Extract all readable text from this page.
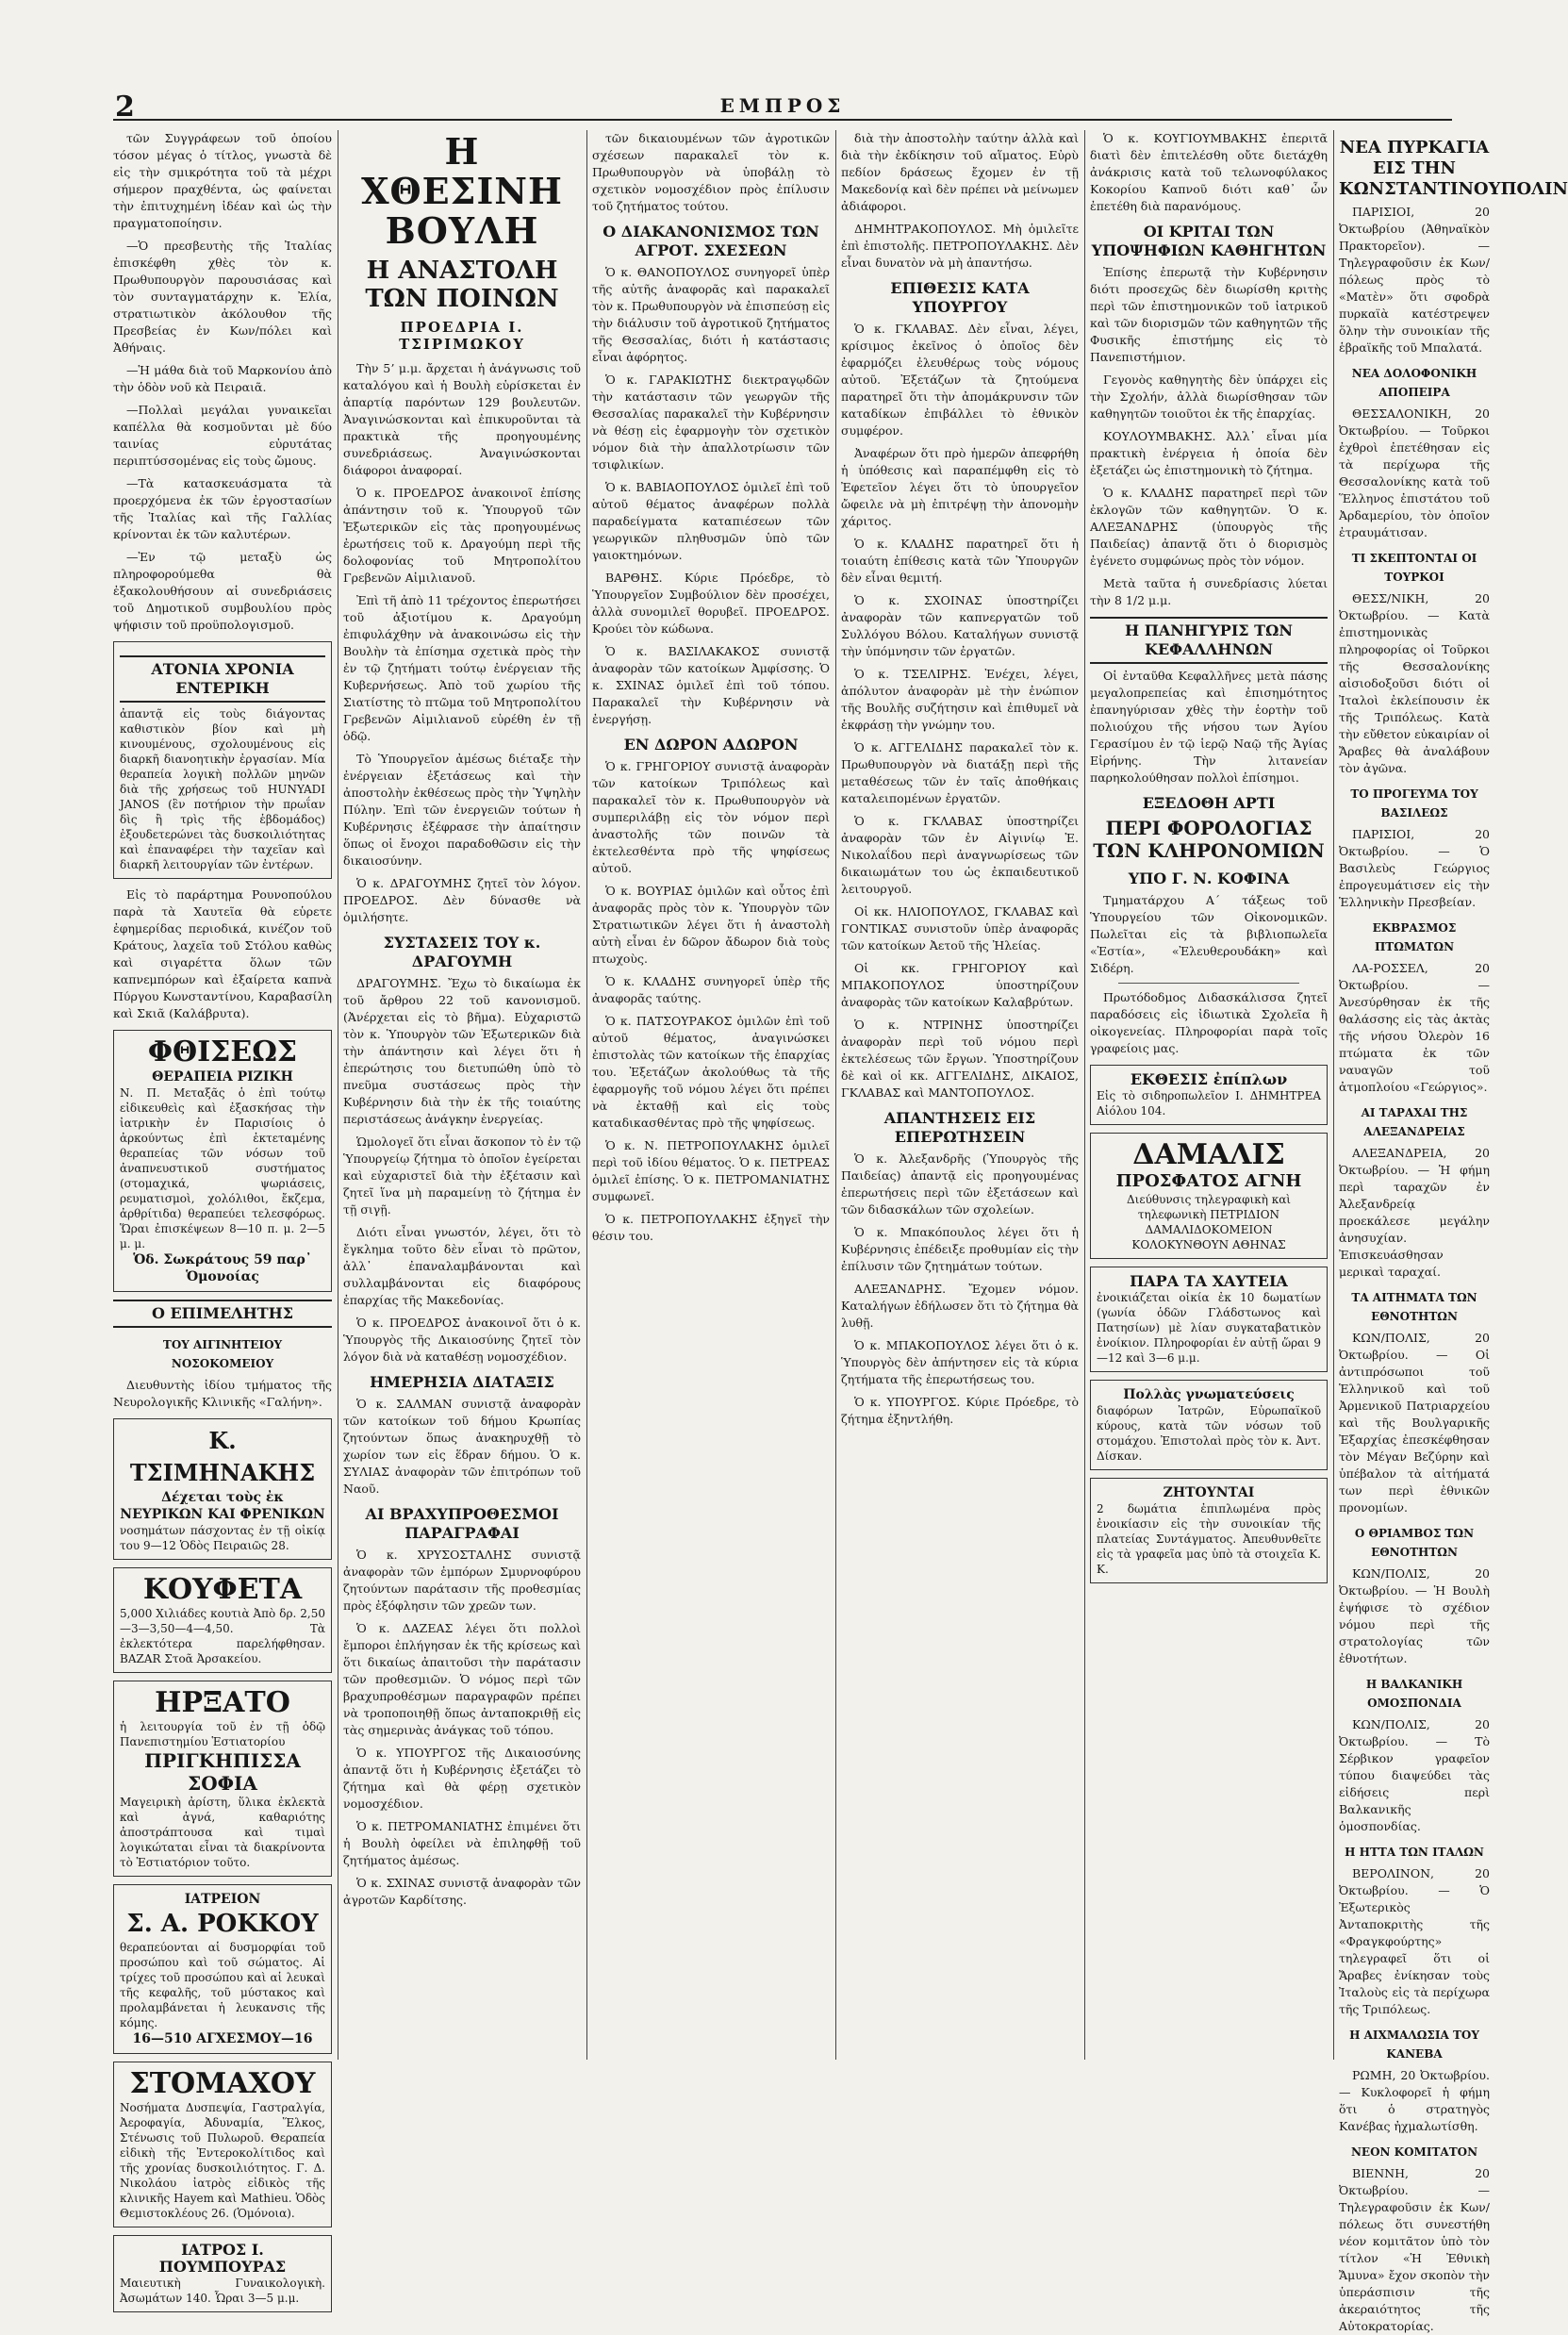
2	ΕΜΠΡΟΣ

τῶν Συγγράφεων τοῦ ὁποίου τόσον μέγας ὁ τίτλος, γνωστὰ δὲ εἰς τὴν σμικρότητα τοῦ τὰ μέχρι σήμερον πραχθέντα, ὡς φαίνεται τὴν ἐπιτυχημένη ἰδέαν καὶ ὡς τὴν πραγματοποίησιν.

—Ὁ πρεσβευτὴς τῆς Ἰταλίας ἐπισκέφθη χθὲς τὸν κ. Πρωθυπουργὸν παρουσιάσας καὶ τὸν συνταγματάρχην κ. Ἐλία, στρατιωτικὸν ἀκόλουθον τῆς Πρεσβείας ἐν Κων/πόλει καὶ Ἀθήναις.

—Ἡ μάθα διὰ τοῦ Μαρκονίου ἀπὸ τὴν ὁδὸν νοῦ κὰ Πειραιᾶ.

—Πολλαὶ μεγάλαι γυναικεῖαι καπέλλα θὰ κοσμοῦνται μὲ δύο ταινίας εὐρυτάτας περιπτύσσομένας εἰς τοὺς ὤμους.

—Τὰ κατασκευάσματα τὰ προερχόμενα ἐκ τῶν ἐργοστασίων τῆς Ἰταλίας καὶ τῆς Γαλλίας κρίνονται ἐκ τῶν καλυτέρων.

—Ἐν τῷ μεταξὺ ὡς πληροφορούμεθα θὰ ἐξακολουθήσουν αἱ συνεδριάσεις τοῦ Δημοτικοῦ συμβουλίου πρὸς ψήφισιν τοῦ προϋπολογισμοῦ.

ΑΤΟΝΙΑ ΧΡΟΝΙΑ ΕΝΤΕΡΙΚΗ
ἀπαντᾷ εἰς τοὺς διάγοντας καθιστικὸν βίον καὶ μὴ κινουμένους, σχολουμένους εἰς διαρκῆ διανοητικὴν ἐργασίαν. Μία θεραπεία λογικὴ πολλῶν μηνῶν διὰ τῆς χρήσεως τοῦ HUNYADI JANOS (ἓν ποτήριον τὴν πρωΐαν δὶς ἢ τρὶς τῆς ἑβδομάδος) ἐξουδετερώνει τὰς δυσκοιλιότητας καὶ ἐπαναφέρει τὴν ταχεῖαν καὶ διαρκῆ λειτουργίαν τῶν ἐντέρων.

Εἰς τὸ παράρτημα Ρουνοπούλου παρὰ τὰ Χαυτεῖα θὰ εὑρετε ἐφημερίδας περιοδικά, κινέζον τοῦ Κράτους, λαχεῖα τοῦ Στόλου καθὼς καὶ σιγαρέττα ὅλων τῶν καπνεμπόρων καὶ ἐξαίρετα καπνὰ Πύργου Κωνσταντίνου, Καραβασίλη καὶ Σκιᾶ (Καλάβρυτα).

ΦΘΙΣΕΩΣ
ΘΕΡΑΠΕΙΑ ΡΙΖΙΚΗ
Ν. Π. Μεταξᾶς ὁ ἐπὶ τούτῳ εἰδικευθεὶς καὶ ἐξασκήσας τὴν ἰατρικὴν ἐν Παρισίοις ὁ ἀρκούντως ἐπὶ ἐκτεταμένης θεραπείας τῶν νόσων τοῦ ἀναπνευστικοῦ συστήματος (στομαχικά, ψωριάσεις, ρευματισμοὶ, χολόλιθοι, ἔκζεμα, ἀρθρίτιδα) θεραπεύει τελεσφόρως. Ὥραι ἐπισκέψεων 8—10 π. μ. 2—5 μ. μ.
Ὁδ. Σωκράτους 59 παρ᾽ Ὁμονοίας
Ο ΕΠΙΜΕΛΗΤΗΣ
ΤΟΥ ΑΙΓΙΝΗΤΕΙΟΥ ΝΟΣΟΚΟΜΕΙΟΥ

Διευθυντὴς ἰδίου τμήματος τῆς Νευρολογικῆς Κλινικῆς «Γαλήνη».

Κ. ΤΣΙΜΗΝΑΚΗΣ
Δέχεται τοὺς ἐκ ΝΕΥΡΙΚΩΝ ΚΑΙ ΦΡΕΝΙΚΩΝ
νοσημάτων πάσχοντας ἐν τῇ οἰκίᾳ του 9—12 Ὁδὸς Πειραιῶς 28.
ΚΟΥΦΕΤΑ
5,000 Χιλιάδες κουτιὰ Ἀπὸ δρ. 2,50—3—3,50—4—4,50. Τὰ ἐκλεκτότερα παρελήφθησαν. BAZAR Στοᾶ Ἀρσακείου.
ΗΡΞΑΤΟ
ἡ λειτουργία τοῦ ἐν τῇ ὁδῷ Πανεπιστημίου Ἑστιατορίου
ΠΡΙΓΚΗΠΙΣΣΑ ΣΟΦΙΑ
Μαγειρικὴ ἀρίστη, ὕλικα ἐκλεκτὰ καὶ ἁγνά, καθαριότης ἀποστράπτουσα καὶ τιμαὶ λογικώταται εἶναι τὰ διακρίνοντα τὸ Ἑστιατόριον τοῦτο.
ΙΑΤΡΕΙΟΝ
Σ. Α. ΡΟΚΚΟΥ
θεραπεύονται αἱ δυσμορφίαι τοῦ προσώπου καὶ τοῦ σώματος. Αἱ τρίχες τοῦ προσώπου καὶ αἱ λευκαὶ τῆς κεφαλῆς, τοῦ μύστακος καὶ προλαμβάνεται ἡ λευκανσις τῆς κόμης.
16—510 ΑΓΧΕΣΜΟΥ—16
ΣΤΟΜΑΧΟΥ
Νοσήματα Δυσπεψία, Γαστραλγία, Ἀεροφαγία, Ἀδυναμία, Ἕλκος, Στένωσις τοῦ Πυλωροῦ. Θεραπεία εἰδικὴ τῆς Ἐντεροκολίτιδος καὶ τῆς χρονίας δυσκοιλιότητος. Γ. Δ. Νικολάου ἰατρὸς εἰδικὸς τῆς κλινικῆς Hayem καὶ Mathieu. Ὁδὸς Θεμιστοκλέους 26. (Ὁμόνοια).
ΙΑΤΡΟΣ Ι. ΠΟΥΜΠΟΥΡΑΣ
Μαιευτικὴ Γυναικολογικὴ. Ἀσωμάτων 140. Ὧραι 3—5 μ.μ.
Η ΧΘΕΣΙΝΗ ΒΟΥΛΗ
Η ΑΝΑΣΤΟΛΗ ΤΩΝ ΠΟΙΝΩΝ
ΠΡΟΕΔΡΙΑ Ι. ΤΣΙΡΙΜΩΚΟΥ

Τὴν 5ʼ μ.μ. ἄρχεται ἡ ἀνάγνωσις τοῦ καταλόγου καὶ ἡ Βουλὴ εὑρίσκεται ἐν ἀπαρτίᾳ παρόντων 129 βουλευτῶν. Ἀναγινώσκονται καὶ ἐπικυροῦνται τὰ πρακτικὰ τῆς προηγουμένης συνεδριάσεως. Ἀναγινώσκονται διάφοροι ἀναφοραί.

Ὁ κ. ΠΡΟΕΔΡΟΣ ἀνακοινοῖ ἐπίσης ἀπάντησιν τοῦ κ. Ὑπουργοῦ τῶν Ἐξωτερικῶν εἰς τὰς προηγουμένως ἐρωτήσεις τοῦ κ. Δραγούμη περὶ τῆς δολοφονίας τοῦ Μητροπολίτου Γρεβενῶν Αἰμιλιανοῦ.

Ἐπὶ τῆ ἀπὸ 11 τρέχοντος ἐπερωτήσει τοῦ ἀξιοτίμου κ. Δραγούμη ἐπιφυλάχθην νὰ ἀνακοινώσω εἰς τὴν Βουλὴν τὰ ἐπίσημα σχετικὰ πρὸς τὴν ἐν τῷ ζητήματι τούτῳ ἐνέργειαν τῆς Κυβερνήσεως. Ἀπὸ τοῦ χωρίου τῆς Σιατίστης τὸ πτῶμα τοῦ Μητροπολίτου Γρεβενῶν Αἰμιλιανοῦ εὑρέθη ἐν τῇ ὁδῷ.

Τὸ Ὑπουργεῖον ἀμέσως διέταξε τὴν ἐνέργειαν ἐξετάσεως καὶ τὴν ἀποστολὴν ἐκθέσεως πρὸς τὴν Ὑψηλὴν Πύλην. Ἐπὶ τῶν ἐνεργειῶν τούτων ἡ Κυβέρνησις ἐξέφρασε τὴν ἀπαίτησιν ὅπως οἱ ἔνοχοι παραδοθῶσιν εἰς τὴν δικαιοσύνην.

Ὁ κ. ΔΡΑΓΟΥΜΗΣ ζητεῖ τὸν λόγον. ΠΡΟΕΔΡΟΣ. Δὲν δύνασθε νὰ ὁμιλήσητε.

ΣΥΣΤΑΣΕΙΣ ΤΟΥ κ. ΔΡΑΓΟΥΜΗ

ΔΡΑΓΟΥΜΗΣ. Ἔχω τὸ δικαίωμα ἐκ τοῦ ἄρθρου 22 τοῦ κανονισμοῦ. (Ἀνέρχεται εἰς τὸ βῆμα). Εὐχαριστῶ τὸν κ. Ὑπουργὸν τῶν Ἐξωτερικῶν διὰ τὴν ἀπάντησιν καὶ λέγει ὅτι ἡ ἐπερώτησις του διετυπώθη ὑπὸ τὸ πνεῦμα συστάσεως πρὸς τὴν Κυβέρνησιν διὰ τὴν ἐκ τῆς τοιαύτης περιστάσεως ἀνάγκην ἐνεργείας.

Ὡμολογεῖ ὅτι εἶναι ἄσκοπον τὸ ἐν τῷ Ὑπουργείῳ ζήτημα τὸ ὁποῖον ἐγείρεται καὶ εὐχαριστεῖ διὰ τὴν ἐξέτασιν καὶ ζητεῖ ἵνα μὴ παραμείνῃ τὸ ζήτημα ἐν τῇ σιγῇ.

Διότι εἶναι γνωστόν, λέγει, ὅτι τὸ ἔγκλημα τοῦτο δὲν εἶναι τὸ πρῶτον, ἀλλ᾽ ἐπαναλαμβάνονται καὶ συλλαμβάνονται εἰς διαφόρους ἐπαρχίας τῆς Μακεδονίας.

Ὁ κ. ΠΡΟΕΔΡΟΣ ἀνακοινοῖ ὅτι ὁ κ. Ὑπουργὸς τῆς Δικαιοσύνης ζητεῖ τὸν λόγον διὰ νὰ καταθέσῃ νομοσχέδιον.

ΗΜΕΡΗΣΙΑ ΔΙΑΤΑΞΙΣ

Ὁ κ. ΣΑΛΜΑΝ συνιστᾷ ἀναφορὰν τῶν κατοίκων τοῦ δήμου Κρωπίας ζητούντων ὅπως ἀνακηρυχθῇ τὸ χωρίον των εἰς ἕδραν δήμου. Ὁ κ. ΣΥΛΙΑΣ ἀναφορὰν τῶν ἐπιτρόπων τοῦ Ναοῦ.

ΑΙ ΒΡΑΧΥΠΡΟΘΕΣΜΟΙ ΠΑΡΑΓΡΑΦΑΙ

Ὁ κ. ΧΡΥΣΟΣΤΑΛΗΣ συνιστᾷ ἀναφορὰν τῶν ἐμπόρων Σμυρνοφύρου ζητούντων παράτασιν τῆς προθεσμίας πρὸς ἐξόφλησιν τῶν χρεῶν των.

Ὁ κ. ΔΑΖΕΑΣ λέγει ὅτι πολλοὶ ἔμποροι ἐπλήγησαν ἐκ τῆς κρίσεως καὶ ὅτι δικαίως ἀπαιτοῦσι τὴν παράτασιν τῶν προθεσμιῶν. Ὁ νόμος περὶ τῶν βραχυπροθέσμων παραγραφῶν πρέπει νὰ τροποποιηθῇ ὅπως ἀνταποκριθῇ εἰς τὰς σημερινὰς ἀνάγκας τοῦ τόπου.

Ὁ κ. ΥΠΟΥΡΓΟΣ τῆς Δικαιοσύνης ἀπαντᾷ ὅτι ἡ Κυβέρνησις ἐξετάζει τὸ ζήτημα καὶ θὰ φέρῃ σχετικὸν νομοσχέδιον.

Ὁ κ. ΠΕΤΡΟΜΑΝΙΑΤΗΣ ἐπιμένει ὅτι ἡ Βουλὴ ὀφείλει νὰ ἐπιληφθῇ τοῦ ζητήματος ἀμέσως.

Ὁ κ. ΣΧΙΝΑΣ συνιστᾷ ἀναφορὰν τῶν ἀγροτῶν Καρδίτσης.

τῶν δικαιουμένων τῶν ἀγροτικῶν σχέσεων παρακαλεῖ τὸν κ. Πρωθυπουργὸν νὰ ὑποβάλῃ τὸ σχετικὸν νομοσχέδιον πρὸς ἐπίλυσιν τοῦ ζητήματος τούτου.

Ο ΔΙΑΚΑΝΟΝΙΣΜΟΣ ΤΩΝ ΑΓΡΟΤ. ΣΧΕΣΕΩΝ

Ὁ κ. ΘΑΝΟΠΟΥΛΟΣ συνηγορεῖ ὑπὲρ τῆς αὐτῆς ἀναφορᾶς καὶ παρακαλεῖ τὸν κ. Πρωθυπουργὸν νὰ ἐπισπεύσῃ εἰς τὴν διάλυσιν τοῦ ἀγροτικοῦ ζητήματος τῆς Θεσσαλίας, διότι ἡ κατάστασις εἶναι ἀφόρητος.

Ὁ κ. ΓΑΡΑΚΙΩΤΗΣ διεκτραγῳδῶν τὴν κατάστασιν τῶν γεωργῶν τῆς Θεσσαλίας παρακαλεῖ τὴν Κυβέρνησιν νὰ θέσῃ εἰς ἐφαρμογὴν τὸν σχετικὸν νόμον διὰ τὴν ἀπαλλοτρίωσιν τῶν τσιφλικίων.

Ὁ κ. ΒΑΒΙΑΟΠΟΥΛΟΣ ὁμιλεῖ ἐπὶ τοῦ αὐτοῦ θέματος ἀναφέρων πολλὰ παραδείγματα καταπιέσεων τῶν γεωργικῶν πληθυσμῶν ὑπὸ τῶν γαιοκτημόνων.

ΒΑΡΘΗΣ. Κύριε Πρόεδρε, τὸ Ὑπουργεῖον Συμβούλιον δὲν προσέχει, ἀλλὰ συνομιλεῖ θορυβεῖ. ΠΡΟΕΔΡΟΣ. Κρούει τὸν κώδωνα.

Ὁ κ. ΒΑΣΙΛΑΚΑΚΟΣ συνιστᾷ ἀναφορὰν τῶν κατοίκων Ἀμφίσσης. Ὁ κ. ΣΧΙΝΑΣ ὁμιλεῖ ἐπὶ τοῦ τόπου. Παρακαλεῖ τὴν Κυβέρνησιν νὰ ἐνεργήσῃ.

ΕΝ ΔΩΡΟΝ ΑΔΩΡΟΝ

Ὁ κ. ΓΡΗΓΟΡΙΟΥ συνιστᾷ ἀναφορὰν τῶν κατοίκων Τριπόλεως καὶ παρακαλεῖ τὸν κ. Πρωθυπουργὸν νὰ συμπεριλάβῃ εἰς τὸν νόμον περὶ ἀναστολῆς τῶν ποινῶν τὰ ἐκτελεσθέντα πρὸ τῆς ψηφίσεως αὐτοῦ.

Ὁ κ. ΒΟΥΡΙΑΣ ὁμιλῶν καὶ οὗτος ἐπὶ ἀναφορᾶς πρὸς τὸν κ. Ὑπουργὸν τῶν Στρατιωτικῶν λέγει ὅτι ἡ ἀναστολὴ αὐτὴ εἶναι ἐν δῶρον ἄδωρον διὰ τοὺς πτωχοὺς.

Ὁ κ. ΚΛΑΔΗΣ συνηγορεῖ ὑπὲρ τῆς ἀναφορᾶς ταύτης.

Ὁ κ. ΠΑΤΣΟΥΡΑΚΟΣ ὁμιλῶν ἐπὶ τοῦ αὐτοῦ θέματος, ἀναγινώσκει ἐπιστολὰς τῶν κατοίκων τῆς ἐπαρχίας του. Ἐξετάζων ἀκολούθως τὰ τῆς ἐφαρμογῆς τοῦ νόμου λέγει ὅτι πρέπει νὰ ἐκταθῇ καὶ εἰς τοὺς καταδικασθέντας πρὸ τῆς ψηφίσεως.

Ὁ κ. Ν. ΠΕΤΡΟΠΟΥΛΑΚΗΣ ὁμιλεῖ περὶ τοῦ ἰδίου θέματος. Ὁ κ. ΠΕΤΡΕΑΣ ὁμιλεῖ ἐπίσης. Ὁ κ. ΠΕΤΡΟΜΑΝΙΑΤΗΣ συμφωνεῖ.

Ὁ κ. ΠΕΤΡΟΠΟΥΛΑΚΗΣ ἐξηγεῖ τὴν θέσιν του.

διὰ τὴν ἀποστολὴν ταύτην ἀλλὰ καὶ διὰ τὴν ἐκδίκησιν τοῦ αἵματος. Εὐρὺ πεδίον δράσεως ἔχομεν ἐν τῇ Μακεδονίᾳ καὶ δὲν πρέπει νὰ μείνωμεν ἀδιάφοροι.

ΔΗΜΗΤΡΑΚΟΠΟΥΛΟΣ. Μὴ ὁμιλεῖτε ἐπὶ ἐπιστολῆς. ΠΕΤΡΟΠΟΥΛΑΚΗΣ. Δὲν εἶναι δυνατὸν νὰ μὴ ἀπαντήσω.

ΕΠΙΘΕΣΙΣ ΚΑΤΑ ΥΠΟΥΡΓΟΥ

Ὁ κ. ΓΚΛΑΒΑΣ. Δὲν εἶναι, λέγει, κρίσιμος ἐκεῖνος ὁ ὁποῖος δὲν ἐφαρμόζει ἐλευθέρως τοὺς νόμους αὐτοῦ. Ἐξετάζων τὰ ζητούμενα παρατηρεῖ ὅτι τὴν ἀπομάκρυνσιν τῶν καταδίκων ἐπιβάλλει τὸ ἐθνικὸν συμφέρον.

Ἀναφέρων ὅτι πρὸ ἡμερῶν ἀπεφρήθη ἡ ὑπόθεσις καὶ παραπέμφθη εἰς τὸ Ἐφετεῖον λέγει ὅτι τὸ ὑπουργεῖον ὤφειλε νὰ μὴ ἐπιτρέψῃ τὴν ἀπονομὴν χάριτος.

Ὁ κ. ΚΛΑΔΗΣ παρατηρεῖ ὅτι ἡ τοιαύτη ἐπίθεσις κατὰ τῶν Ὑπουργῶν δὲν εἶναι θεμιτή.

Ὁ κ. ΣΧΟΙΝΑΣ ὑποστηρίζει ἀναφορὰν τῶν καπνεργατῶν τοῦ Συλλόγου Βόλου. Καταλήγων συνιστᾷ τὴν ὑπόμνησιν τῶν ἐργατῶν.

Ὁ κ. ΤΣΕΛΙΡΗΣ. Ἐνέχει, λέγει, ἀπόλυτον ἀναφορὰν μὲ τὴν ἐνώπιον τῆς Βουλῆς συζήτησιν καὶ ἐπιθυμεῖ νὰ ἐκφράσῃ τὴν γνώμην του.

Ὁ κ. ΑΓΓΕΛΙΔΗΣ παρακαλεῖ τὸν κ. Πρωθυπουργὸν νὰ διατάξῃ περὶ τῆς μεταθέσεως τῶν ἐν ταῖς ἀποθήκαις καταλειπομένων ἐργατῶν.

Ὁ κ. ΓΚΛΑΒΑΣ ὑποστηρίζει ἀναφορὰν τῶν ἐν Αἰγινίῳ Ἑ. Νικολαΐδου περὶ ἀναγνωρίσεως τῶν δικαιωμάτων του ὡς ἐκπαιδευτικοῦ λειτουργοῦ.

Οἱ κκ. ΗΛΙΟΠΟΥΛΟΣ, ΓΚΛΑΒΑΣ καὶ ΓΟΝΤΙΚΑΣ συνιστοῦν ὑπὲρ ἀναφορᾶς τῶν κατοίκων Ἀετοῦ τῆς Ἠλείας.

Οἱ κκ. ΓΡΗΓΟΡΙΟΥ καὶ ΜΠΑΚΟΠΟΥΛΟΣ ὑποστηρίζουν ἀναφορὰς τῶν κατοίκων Καλαβρύτων.

Ὁ κ. ΝΤΡΙΝΗΣ ὑποστηρίζει ἀναφορὰν περὶ τοῦ νόμου περὶ ἐκτελέσεως τῶν ἔργων. Ὑποστηρίζουν δὲ καὶ οἱ κκ. ΑΓΓΕΛΙΔΗΣ, ΔΙΚΑΙΟΣ, ΓΚΛΑΒΑΣ καὶ ΜΑΝΤΟΠΟΥΛΟΣ.

ΑΠΑΝΤΗΣΕΙΣ ΕΙΣ ΕΠΕΡΩΤΗΣΕΙΝ

Ὁ κ. Ἀλεξανδρῆς (Ὑπουργὸς τῆς Παιδείας) ἀπαντᾷ εἰς προηγουμένας ἐπερωτήσεις περὶ τῶν ἐξετάσεων καὶ τῶν διδασκάλων τῶν σχολείων.

Ὁ κ. Μπακόπουλος λέγει ὅτι ἡ Κυβέρνησις ἐπέδειξε προθυμίαν εἰς τὴν ἐπίλυσιν τῶν ζητημάτων τούτων.

ΑΛΕΞΑΝΔΡΗΣ. Ἔχομεν νόμον. Καταλήγων ἐδήλωσεν ὅτι τὸ ζήτημα θὰ λυθῇ.

Ὁ κ. ΜΠΑΚΟΠΟΥΛΟΣ λέγει ὅτι ὁ κ. Ὑπουργὸς δὲν ἀπήντησεν εἰς τὰ κύρια ζητήματα τῆς ἐπερωτήσεως του.

Ὁ κ. ΥΠΟΥΡΓΟΣ. Κύριε Πρόεδρε, τὸ ζήτημα ἐξηντλήθη.

Ὁ κ. ΚΟΥΓΙΟΥΜΒΑΚΗΣ ἐπεριτᾶ διατὶ δὲν ἐπιτελέσθη οὔτε διετάχθη ἀνάκρισις κατὰ τοῦ τελωνοφύλακος Κοκορίου Καπνοῦ διότι καθ᾽ ὧν ἐπετέθη διὰ παρανόμους.

ΟΙ ΚΡΙΤΑΙ ΤΩΝ ΥΠΟΨΗΦΙΩΝ ΚΑΘΗΓΗΤΩΝ

Ἐπίσης ἐπερωτᾷ τὴν Κυβέρνησιν διότι προσεχῶς δὲν διωρίσθη κριτὴς περὶ τῶν ἐπιστημονικῶν τοῦ ἰατρικοῦ καὶ τῶν διορισμῶν τῶν καθηγητῶν τῆς Φυσικῆς ἐπιστήμης εἰς τὸ Πανεπιστήμιον.

Γεγονὸς καθηγητὴς δὲν ὑπάρχει εἰς τὴν Σχολήν, ἀλλὰ διωρίσθησαν τῶν καθηγητῶν τοιοῦτοι ἐκ τῆς ἐπαρχίας.

ΚΟΥΛΟΥΜΒΑΚΗΣ. Ἀλλ᾽ εἶναι μία πρακτικὴ ἐνέργεια ἡ ὁποία δὲν ἐξετάζει ὡς ἐπιστημονικὴ τὸ ζήτημα.

Ὁ κ. ΚΛΑΔΗΣ παρατηρεῖ περὶ τῶν ἐκλογῶν τῶν καθηγητῶν. Ὁ κ. ΑΛΕΞΑΝΔΡΗΣ (ὑπουργὸς τῆς Παιδείας) ἀπαντᾷ ὅτι ὁ διορισμὸς ἐγένετο συμφώνως πρὸς τὸν νόμον.

Μετὰ ταῦτα ἡ συνεδρίασις λύεται τὴν 8 1/2 μ.μ.

Η ΠΑΝΗΓΥΡΙΣ ΤΩΝ ΚΕΦΑΛΛΗΝΩΝ

Οἱ ἐνταῦθα Κεφαλλῆνες μετὰ πάσης μεγαλοπρεπείας καὶ ἐπισημότητος ἐπανηγύρισαν χθὲς τὴν ἑορτὴν τοῦ πολιούχου τῆς νήσου των Ἁγίου Γερασίμου ἐν τῷ ἱερῷ Ναῷ τῆς Ἁγίας Εἰρήνης. Τὴν λιτανείαν παρηκολούθησαν πολλοὶ ἐπίσημοι.

ΕΞΕΔΟΘΗ ΑΡΤΙ
ΠΕΡΙ ΦΟΡΟΛΟΓΙΑΣ ΤΩΝ ΚΛΗΡΟΝΟΜΙΩΝ
ΥΠΟ Γ. Ν. ΚΟΦΙΝΑ

Τμηματάρχου Α΄ τάξεως τοῦ Ὑπουργείου τῶν Οἰκονομικῶν. Πωλεῖται εἰς τὰ βιβλιοπωλεῖα «Ἑστία», «Ἐλευθερουδάκη» καὶ Σιδέρη.

Πρωτόδοδμος Διδασκάλισσα ζητεῖ παραδόσεις εἰς ἰδιωτικὰ Σχολεῖα ἢ οἰκογενείας. Πληροφορίαι παρὰ τοῖς γραφείοις μας.

ΕΚΘΕΣΙΣ ἐπίπλων
Εἰς τὸ σιδηροπωλεῖον Ι. ΔΗΜΗΤΡΕΑ Αἰόλου 104.
ΔΑΜΑΛΙΣ
ΠΡΟΣΦΑΤΟΣ ΑΓΝΗ
Διεύθυνσις τηλεγραφικὴ καὶ τηλεφωνικὴ ΠΕΤΡΙΔΙΟΝ ΔΑΜΑΛΙΔΟΚΟΜΕΙΟΝ ΚΟΛΟΚΥΝΘΟΥΝ ΑΘΗΝΑΣ
ΠΑΡΑ ΤΑ ΧΑΥΤΕΙΑ
ἐνοικιάζεται οἰκία ἐκ 10 δωματίων (γωνία ὁδῶν Γλάδστωνος καὶ Πατησίων) μὲ λίαν συγκαταβατικὸν ἐνοίκιον. Πληροφορίαι ἐν αὐτῇ ὥραι 9—12 καὶ 3—6 μ.μ.
Πολλὰς γνωματεύσεις
διαφόρων Ἰατρῶν, Εὐρωπαϊκοῦ κύρους, κατὰ τῶν νόσων τοῦ στομάχου. Ἐπιστολαὶ πρὸς τὸν κ. Ἀντ. Δίσκαν.
ΖΗΤΟΥΝΤΑΙ
2 δωμάτια ἐπιπλωμένα πρὸς ἐνοικίασιν εἰς τὴν συνοικίαν τῆς πλατείας Συντάγματος. Ἀπευθυνθεῖτε εἰς τὰ γραφεῖα μας ὑπὸ τὰ στοιχεῖα Κ. Κ.
ΝΕΑ ΠΥΡΚΑΓΙΑ ΕΙΣ ΤΗΝ ΚΩΝΣΤΑΝΤΙΝΟΥΠΟΛΙΝ

ΠΑΡΙΣΙΟΙ, 20 Ὀκτωβρίου (Ἀθηναϊκὸν Πρακτορεῖον). — Τηλεγραφοῦσιν ἐκ Κων/πόλεως πρὸς τὸ «Ματὲν» ὅτι σφοδρὰ πυρκαϊὰ κατέστρεψεν ὅλην τὴν συνοικίαν τῆς ἑβραϊκῆς τοῦ Μπαλατά.

ΝΕΑ ΔΟΛΟΦΟΝΙΚΗ ΑΠΟΠΕΙΡΑ

ΘΕΣΣΑΛΟΝΙΚΗ, 20 Ὀκτωβρίου. — Τοῦρκοι ἐχθροὶ ἐπετέθησαν εἰς τὰ περίχωρα τῆς Θεσσαλονίκης κατὰ τοῦ Ἕλληνος ἐπιστάτου τοῦ Ἀρδαμερίου, τὸν ὁποῖον ἐτραυμάτισαν.

ΤΙ ΣΚΕΠΤΟΝΤΑΙ ΟΙ ΤΟΥΡΚΟΙ

ΘΕΣΣ/ΝΙΚΗ, 20 Ὀκτωβρίου. — Κατὰ ἐπιστημονικὰς πληροφορίας οἱ Τοῦρκοι τῆς Θεσσαλονίκης αἰσιοδοξοῦσι διότι οἱ Ἰταλοὶ ἐκλείπουσιν ἐκ τῆς Τριπόλεως. Κατὰ τὴν εὔθετον εὐκαιρίαν οἱ Ἄραβες θὰ ἀναλάβουν τὸν ἀγῶνα.

ΤΟ ΠΡΟΓΕΥΜΑ ΤΟΥ ΒΑΣΙΛΕΩΣ

ΠΑΡΙΣΙΟΙ, 20 Ὀκτωβρίου. — Ὁ Βασιλεὺς Γεώργιος ἐπρογευμάτισεν εἰς τὴν Ἑλληνικὴν Πρεσβείαν.

ΕΚΒΡΑΣΜΟΣ ΠΤΩΜΑΤΩΝ

ΛΑ-ΡΟΣΣΕΛ, 20 Ὀκτωβρίου. — Ἀνεσύρθησαν ἐκ τῆς θαλάσσης εἰς τὰς ἀκτὰς τῆς νήσου Ὀλερὸν 16 πτώματα ἐκ τῶν ναυαγῶν τοῦ ἀτμοπλοίου «Γεώργιος».

ΑΙ ΤΑΡΑΧΑΙ ΤΗΣ ΑΛΕΞΑΝΔΡΕΙΑΣ

ΑΛΕΞΑΝΔΡΕΙΑ, 20 Ὀκτωβρίου. — Ἡ φήμη περὶ ταραχῶν ἐν Ἀλεξανδρείᾳ προεκάλεσε μεγάλην ἀνησυχίαν. Ἐπισκευάσθησαν μερικαὶ ταραχαί.

ΤΑ ΑΙΤΗΜΑΤΑ ΤΩΝ ΕΘΝΟΤΗΤΩΝ

ΚΩΝ/ΠΟΛΙΣ, 20 Ὀκτωβρίου. — Οἱ ἀντιπρόσωποι τοῦ Ἑλληνικοῦ καὶ τοῦ Ἀρμενικοῦ Πατριαρχείου καὶ τῆς Βουλγαρικῆς Ἐξαρχίας ἐπεσκέφθησαν τὸν Μέγαν Βεζύρην καὶ ὑπέβαλον τὰ αἰτήματά των περὶ ἐθνικῶν προνομίων.

Ο ΘΡΙΑΜΒΟΣ ΤΩΝ ΕΘΝΟΤΗΤΩΝ

ΚΩΝ/ΠΟΛΙΣ, 20 Ὀκτωβρίου. — Ἡ Βουλὴ ἐψήφισε τὸ σχέδιον νόμου περὶ τῆς στρατολογίας τῶν ἐθνοτήτων.

Η ΒΑΛΚΑΝΙΚΗ ΟΜΟΣΠΟΝΔΙΑ

ΚΩΝ/ΠΟΛΙΣ, 20 Ὀκτωβρίου. — Τὸ Σέρβικον γραφεῖον τύπου διαψεύδει τὰς εἰδήσεις περὶ Βαλκανικῆς ὁμοσπονδίας.

Η ΗΤΤΑ ΤΩΝ ΙΤΑΛΩΝ

ΒΕΡΟΛΙΝΟΝ, 20 Ὀκτωβρίου. — Ὁ Ἐξωτερικὸς Ἀνταποκριτὴς τῆς «Φραγκφούρτης» τηλεγραφεῖ ὅτι οἱ Ἄραβες ἐνίκησαν τοὺς Ἰταλοὺς εἰς τὰ περίχωρα τῆς Τριπόλεως.

Η ΑΙΧΜΑΛΩΣΙΑ ΤΟΥ ΚΑΝΕΒΑ

ΡΩΜΗ, 20 Ὀκτωβρίου. — Κυκλοφορεῖ ἡ φήμη ὅτι ὁ στρατηγὸς Κανέβας ἠχμαλωτίσθη.

ΝΕΟΝ ΚΟΜΙΤΑΤΟΝ

ΒΙΕΝΝΗ, 20 Ὀκτωβρίου. — Τηλεγραφοῦσιν ἐκ Κων/πόλεως ὅτι συνεστήθη νέον κομιτᾶτον ὑπὸ τὸν τίτλον «Ἡ Ἐθνικὴ Ἄμυνα» ἔχον σκοπὸν τὴν ὑπεράσπισιν τῆς ἀκεραιότητος τῆς Αὐτοκρατορίας.
